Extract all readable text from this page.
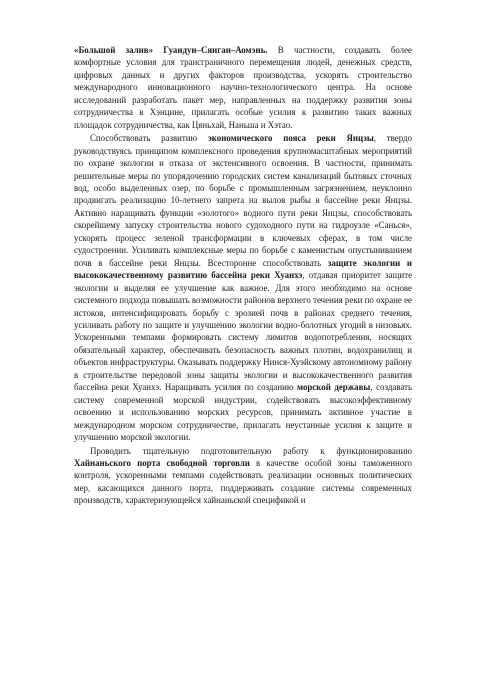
«Большой залив» Гуандун–Сянган–Аомэнь. В частности, создавать более комфортные условия для трансграничного перемещения людей, денежных средств, цифровых данных и других факторов производства, ускорять строительство международного инновационного научно-технологического центра. На основе исследований разработать пакет мер, направленных на поддержку развития зоны сотрудничества в Хэнцине, прилагать особые усилия к развитию таких важных площадок сотрудничества, как Цяньхай, Наньша и Хэтао.

Способствовать развитию экономического пояса реки Янцзы, твердо руководствуясь принципом комплексного проведения крупномасштабных мероприятий по охране экологии и отказа от экстенсивного освоения. В частности, принимать решительные меры по упорядочению городских систем канализаций бытовых сточных вод, особо выделенных озер, по борьбе с промышленным загрязнением, неуклонно продвигать реализацию 10-летнего запрета на вылов рыбы в бассейне реки Янцзы. Активно наращивать функции «золотого» водного пути реки Янцзы, способствовать скорейшему запуску строительства нового судоходного пути на гидроузле «Санься», ускорять процесс зеленой трансформации в ключевых сферах, в том числе судостроении. Усиливать комплексные меры по борьбе с каменистым опустыниванием почв в бассейне реки Янцзы. Всесторонне способствовать защите экологии и высококачественному развитию бассейна реки Хуанхэ, отдавая приоритет защите экологии и выделяя ее улучшение как важное. Для этого необходимо на основе системного подхода повышать возможности районов верхнего течения реки по охране ее истоков, интенсифицировать борьбу с эрозией почв в районах среднего течения, усиливать работу по защите и улучшению экологии водно-болотных угодий в низовьях. Ускоренными темпами формировать систему лимитов водопотребления, носящих обязательный характер, обеспечивать безопасность важных плотин, водохранилищ и объектов инфраструктуры. Оказывать поддержку Нинся-Хуэйскому автономному району в строительстве передовой зоны защиты экологии и высококачественного развития бассейна реки Хуанхэ. Наращивать усилия по созданию морской державы, создавать систему современной морской индустрии, содействовать высокоэффективному освоению и использованию морских ресурсов, принимать активное участие в международном морском сотрудничестве, прилагать неустанные усилия к защите и улучшению морской экологии.

Проводить тщательную подготовительную работу к функционированию Хайнаньского порта свободной торговли в качестве особой зоны таможенного контроля, ускоренными темпами содействовать реализации основных политических мер, касающихся данного порта, поддерживать создание системы современных производств, характеризующейся хайнаньской спецификой и
